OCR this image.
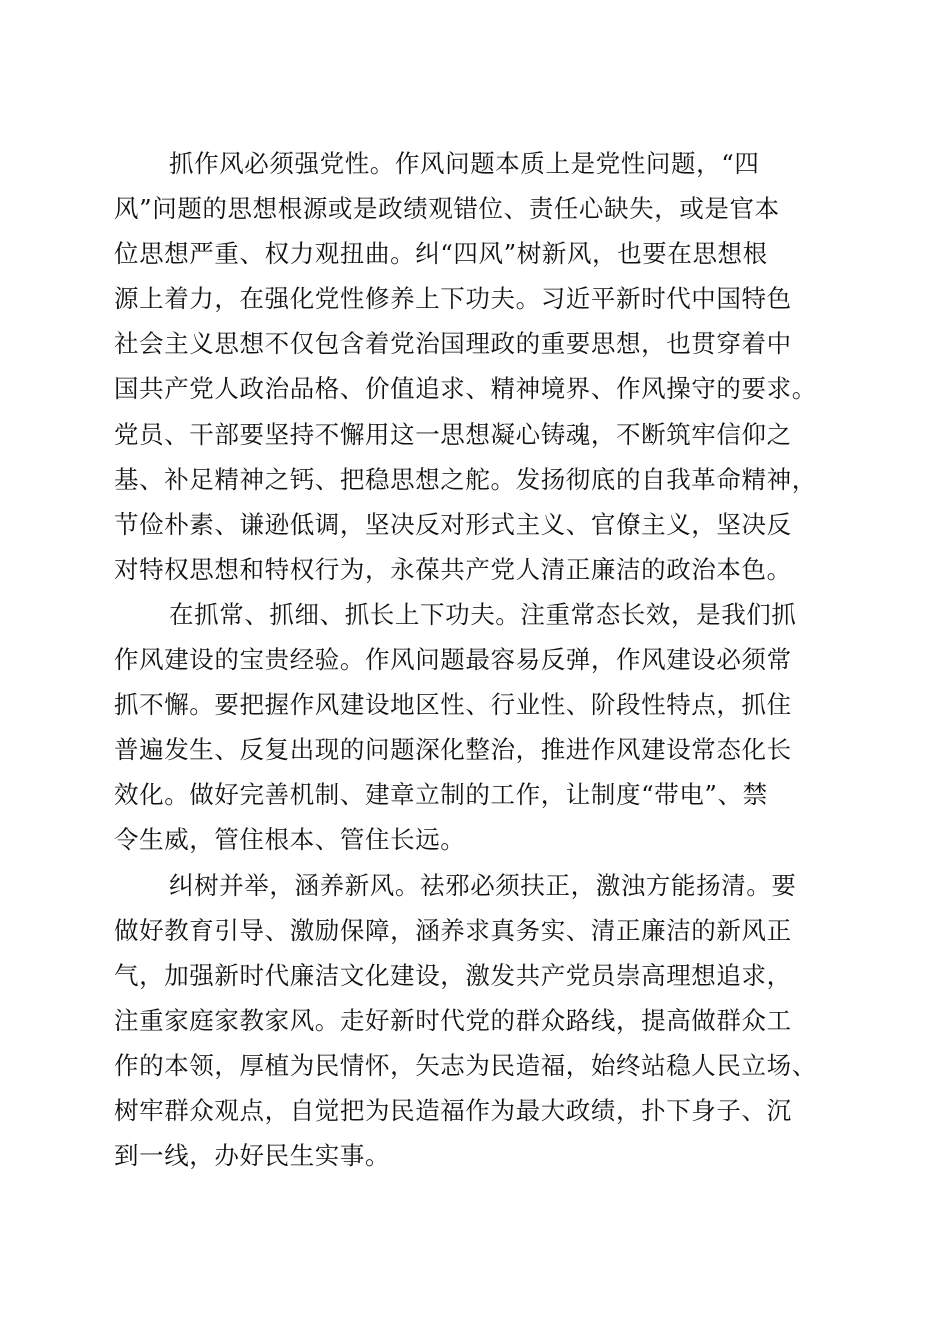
抓作风必须强党性。作风问题本质上是党性问题，“四
风”问题的思想根源或是政绩观错位、责任心缺失，或是官本
位思想严重、权力观扭曲。纠“四风”树新风，也要在思想根
源上着力，在强化党性修养上下功夫。习近平新时代中国特色
社会主义思想不仅包含着党治国理政的重要思想，也贯穿着中
国共产党人政治品格、价值追求、精神境界、作风操守的要求。
党员、干部要坚持不懈用这一思想凝心铸魂，不断筑牢信仰之
基、补足精神之钙、把稳思想之舵。发扬彻底的自我革命精神，
节俭朴素、谦逊低调，坚决反对形式主义、官僚主义，坚决反
对特权思想和特权行为，永葆共产党人清正廉洁的政治本色。
在抓常、抓细、抓长上下功夫。注重常态长效，是我们抓
作风建设的宝贵经验。作风问题最容易反弹，作风建设必须常
抓不懈。要把握作风建设地区性、行业性、阶段性特点，抓住
普遍发生、反复出现的问题深化整治，推进作风建设常态化长
效化。做好完善机制、建章立制的工作，让制度“带电”、禁
令生威，管住根本、管住长远。
纠树并举，涵养新风。祛邪必须扶正，激浊方能扬清。要
做好教育引导、激励保障，涵养求真务实、清正廉洁的新风正
气，加强新时代廉洁文化建设，激发共产党员崇高理想追求，
注重家庭家教家风。走好新时代党的群众路线，提高做群众工
作的本领，厚植为民情怀，矢志为民造福，始终站稳人民立场、
树牢群众观点，自觉把为民造福作为最大政绩，扑下身子、沉
到一线，办好民生实事。
